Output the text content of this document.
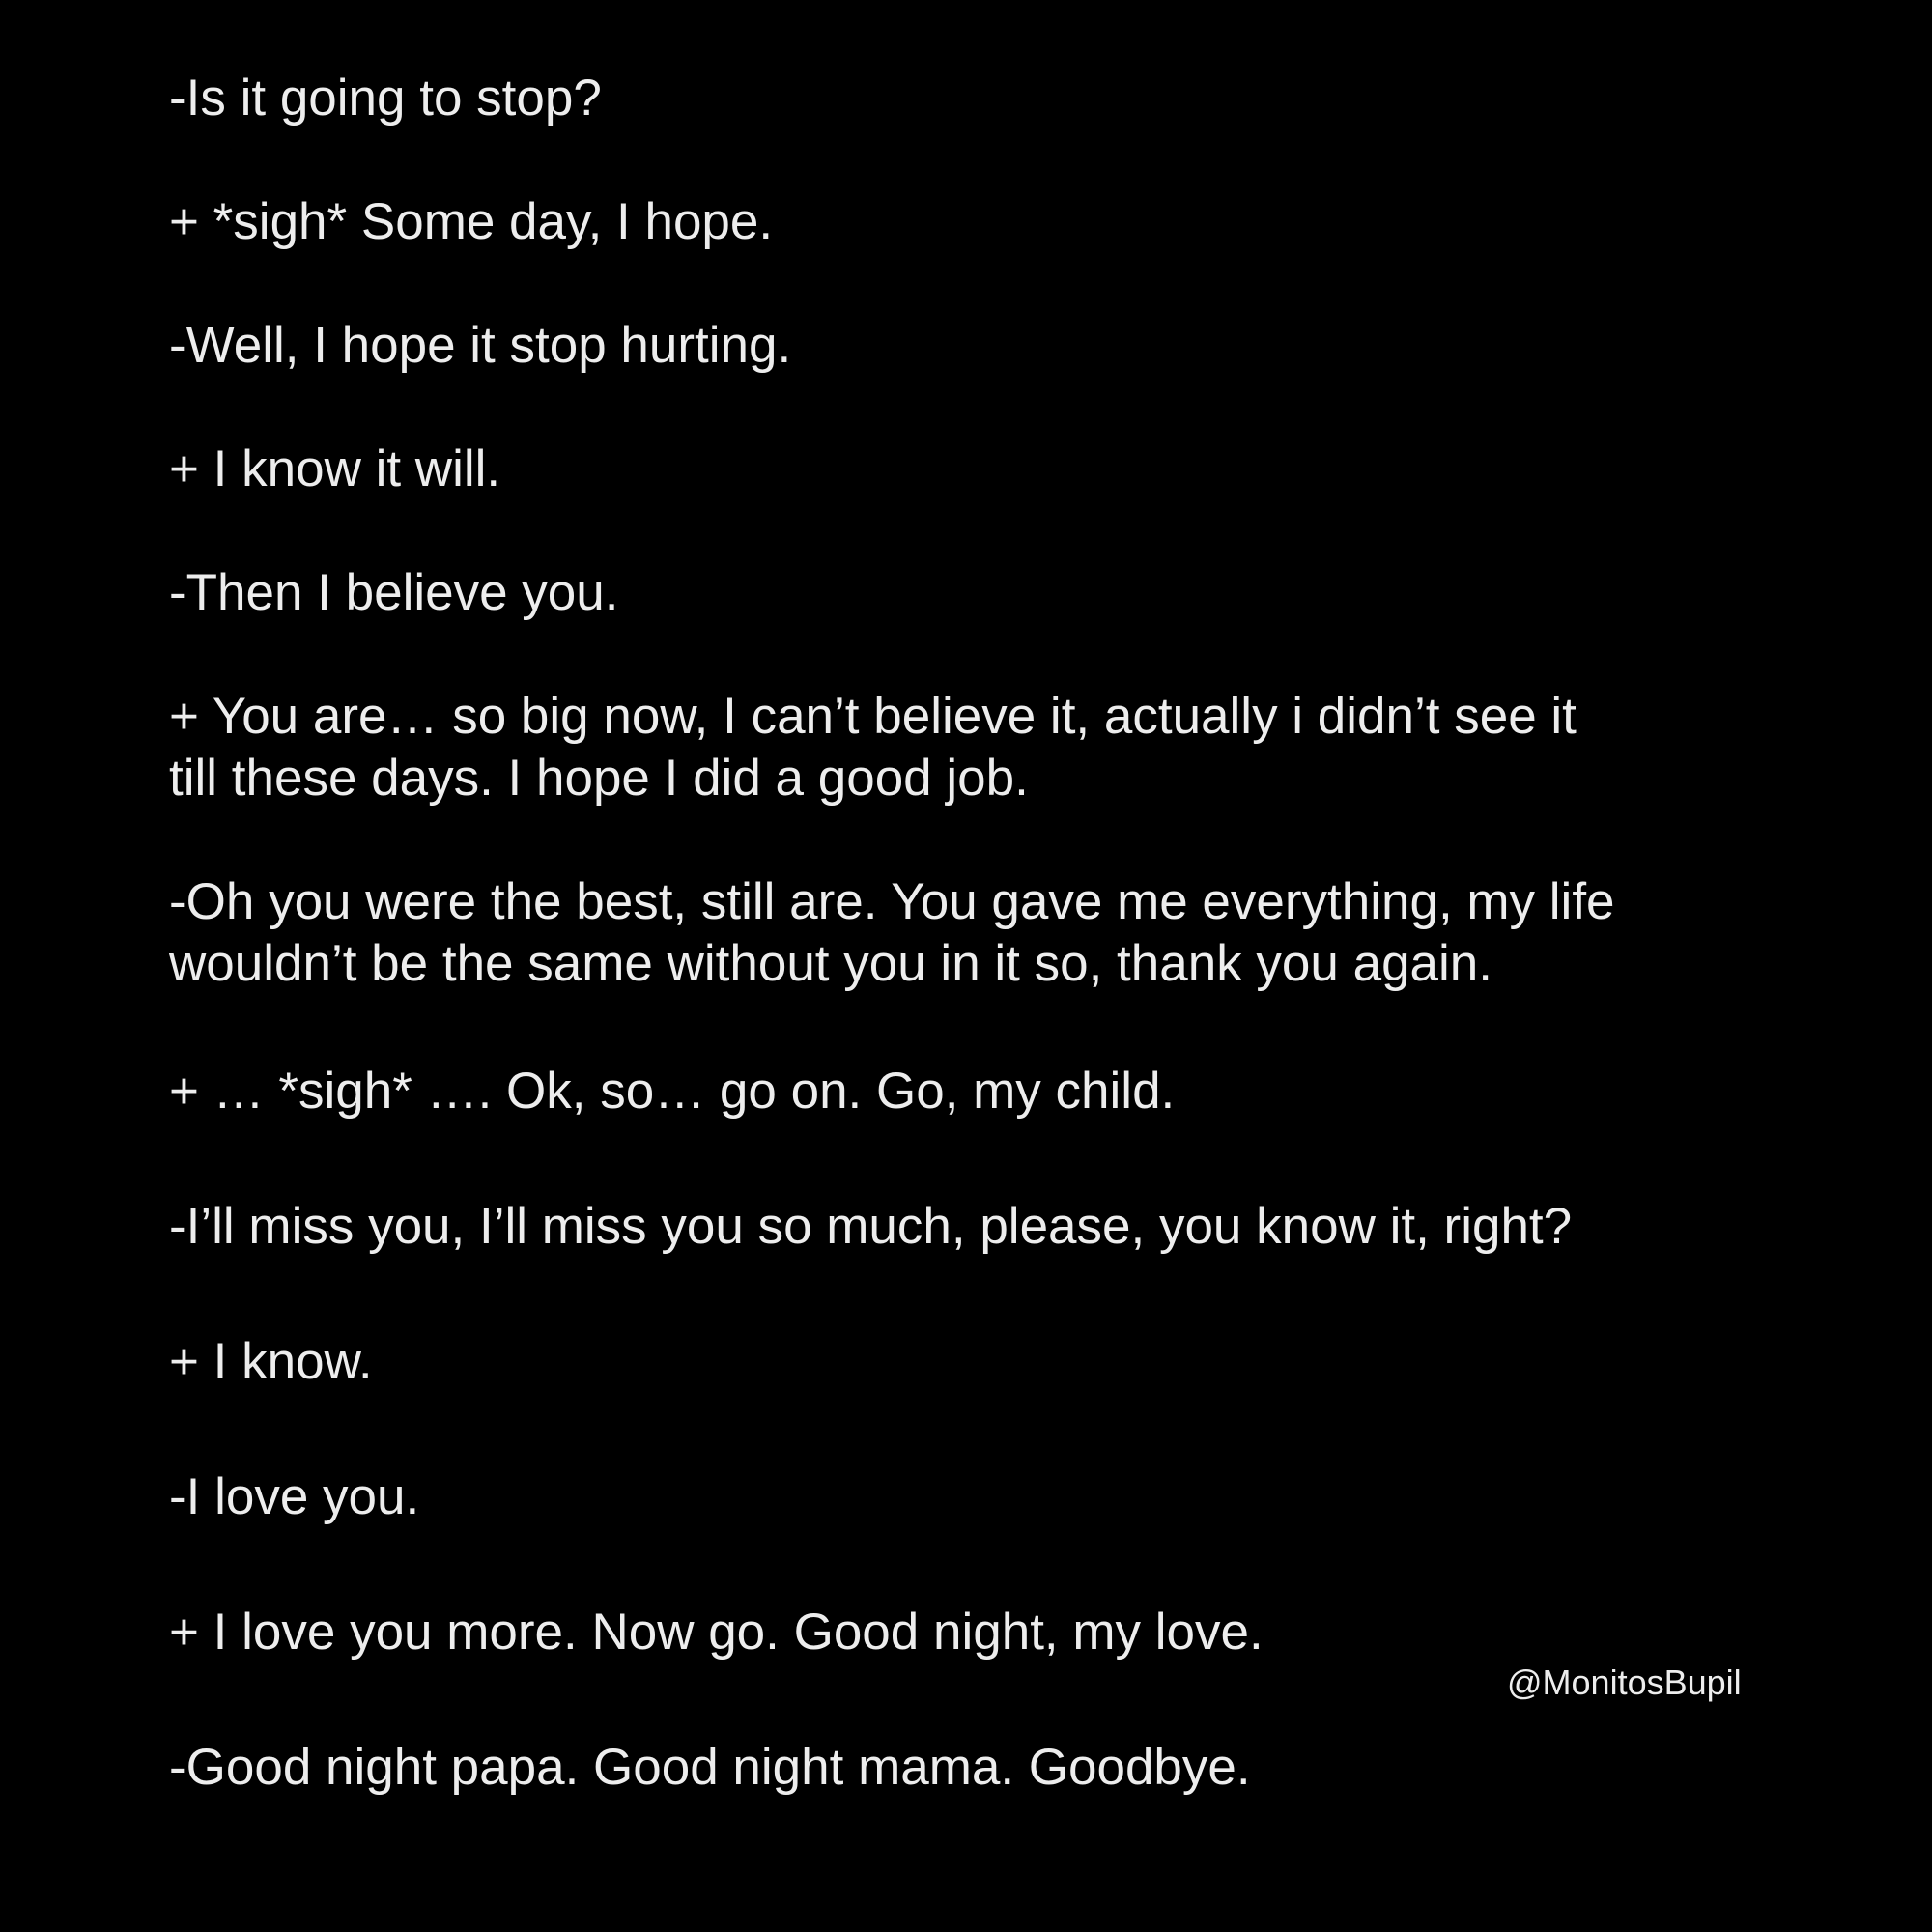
-Is it going to stop?
+ *sigh* Some day, I hope.
-Well, I hope it stop hurting.
+ I know it will.
-Then I believe you.
+ You are… so big now, I can’t believe it, actually i didn’t see it
till these days. I hope I did a good job.
-Oh you were the best, still are. You gave me everything, my life
wouldn’t be the same without you in it so, thank you again.
+ … *sigh* …. Ok, so… go on. Go, my child.
-I’ll miss you, I’ll miss you so much, please, you know it, right?
+ I know.
-I love you.
+ I love you more. Now go. Good night, my love.
-Good night papa. Good night mama. Goodbye.
@MonitosBupil
